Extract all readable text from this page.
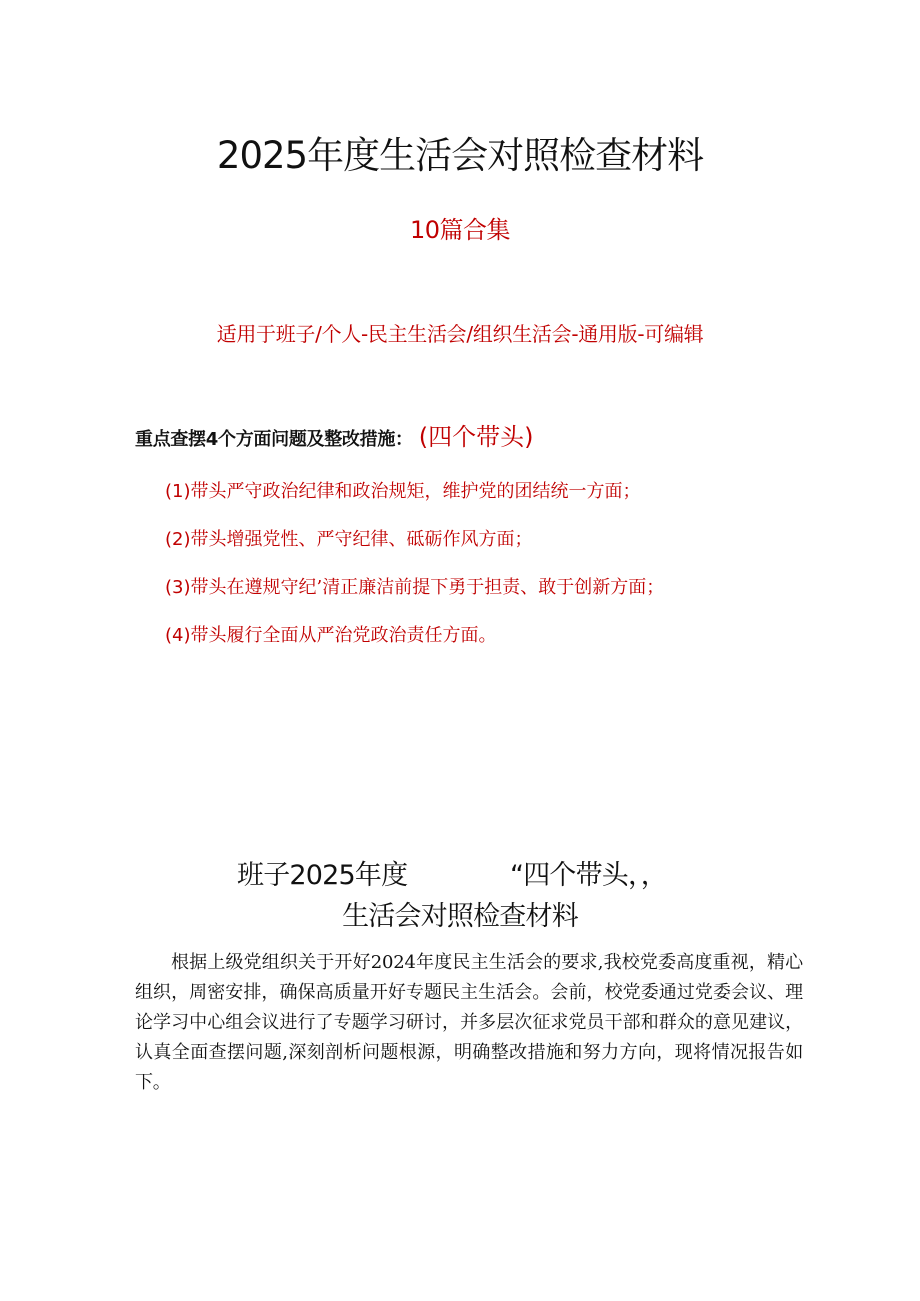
2025年度生活会对照检查材料
10篇合集
适用于班子/个人-民主生活会/组织生活会-通用版-可编辑
重点查摆4个方面问题及整改措施： (四个带头)
(1)带头严守政治纪律和政治规矩，维护党的团结统一方面；
(2)带头增强党性、严守纪律、砥砺作风方面；
(3)带头在遵规守纪’清正廉洁前提下勇于担责、敢于创新方面；
(4)带头履行全面从严治党政治责任方面。
班子2025年度	“四个带头，，
生活会对照检查材料

根据上级党组织关于开好2024年度民主生活会的要求,我校党委高度重视，精心组织，周密安排，确保高质量开好专题民主生活会。会前，校党委通过党委会议、理论学习中心组会议进行了专题学习研讨，并多层次征求党员干部和群众的意见建议，认真全面查摆问题,深刻剖析问题根源，明确整改措施和努力方向，现将情况报告如下。
